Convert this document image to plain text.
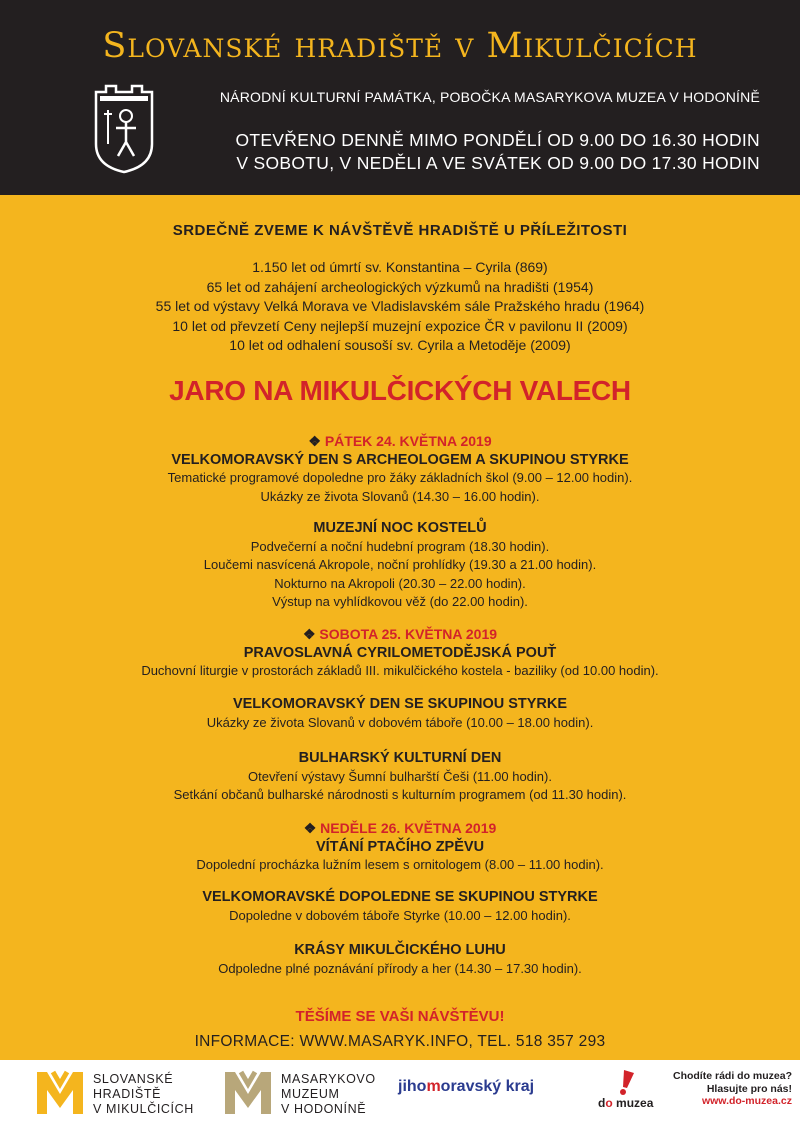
Slovanské hradiště v Mikulčicích
NÁRODNÍ KULTURNÍ PAMÁTKA, POBOČKA MASARYKOVA MUZEA V HODONÍNĚ
OTEVŘENO DENNĚ MIMO PONDĚLÍ OD 9.00 DO 16.30 HODIN
V SOBOTU, V NEDĚLI A VE SVÁTEK OD 9.00 DO 17.30 HODIN
SRDEČNĚ ZVEME K NÁVŠTĚVĚ HRADIŠTĚ U PŘÍLEŽITOSTI
1.150 let od úmrtí sv. Konstantina – Cyrila (869)
65 let od zahájení archeologických výzkumů na hradišti (1954)
55 let od výstavy Velká Morava ve Vladislavském sále Pražského hradu (1964)
10 let od převzetí Ceny nejlepší muzejní expozice ČR v pavilonu II (2009)
10 let od odhalení sousoší sv. Cyrila a Metoděje (2009)
JARO NA MIKULČICKÝCH VALECH
❖ PÁTEK 24. KVĚTNA 2019
VELKOMORAVSKÝ DEN S ARCHEOLOGEM A SKUPINOU STYRKE
Tematické programové dopoledne pro žáky základních škol (9.00 – 12.00 hodin).
Ukázky ze života Slovanů (14.30 – 16.00 hodin).
MUZEJNÍ NOC KOSTELŮ
Podvečerní a noční hudební program (18.30 hodin).
Loučemi nasvícená Akropole, noční prohlídky (19.30 a 21.00 hodin).
Nokturno na Akropoli (20.30 – 22.00 hodin).
Výstup na vyhlídkovou věž (do 22.00 hodin).
❖ SOBOTA 25. KVĚTNA 2019
PRAVOSLAVNÁ CYRILOMETODĚJSKÁ POUŤ
Duchovní liturgie v prostorách základů III. mikulčického kostela - baziliky (od 10.00 hodin).
VELKOMORAVSKÝ DEN SE SKUPINOU STYRKE
Ukázky ze života Slovanů v dobovém táboře (10.00 – 18.00 hodin).
BULHARSKÝ KULTURNÍ DEN
Otevření výstavy Šumní bulharští Češi (11.00 hodin).
Setkání občanů bulharské národnosti s kulturním programem (od 11.30 hodin).
❖ NEDĚLE 26. KVĚTNA 2019
VÍTÁNÍ PTAČÍHO ZPĚVU
Dopolední procházka lužním lesem s ornitologem (8.00 – 11.00 hodin).
VELKOMORAVSKÉ DOPOLEDNE SE SKUPINOU STYRKE
Dopoledne v dobovém táboře Styrke (10.00 – 12.00 hodin).
KRÁSY MIKULČICKÉHO LUHU
Odpoledne plné poznávání přírody a her (14.30 – 17.30 hodin).
TĚŠÍME SE VAŠI NÁVŠTĚVU!
INFORMACE: WWW.MASARYK.INFO, TEL. 518 357 293
SLOVANSKÉ
HRADIŠTĚ
V MIKULČICÍCH
MASARYKOVO
MUZEUM
V HODONÍNĚ
jihomoravský kraj
do muzea
Chodíte rádi do muzea?
Hlasujte pro nás!
www.do-muzea.cz
